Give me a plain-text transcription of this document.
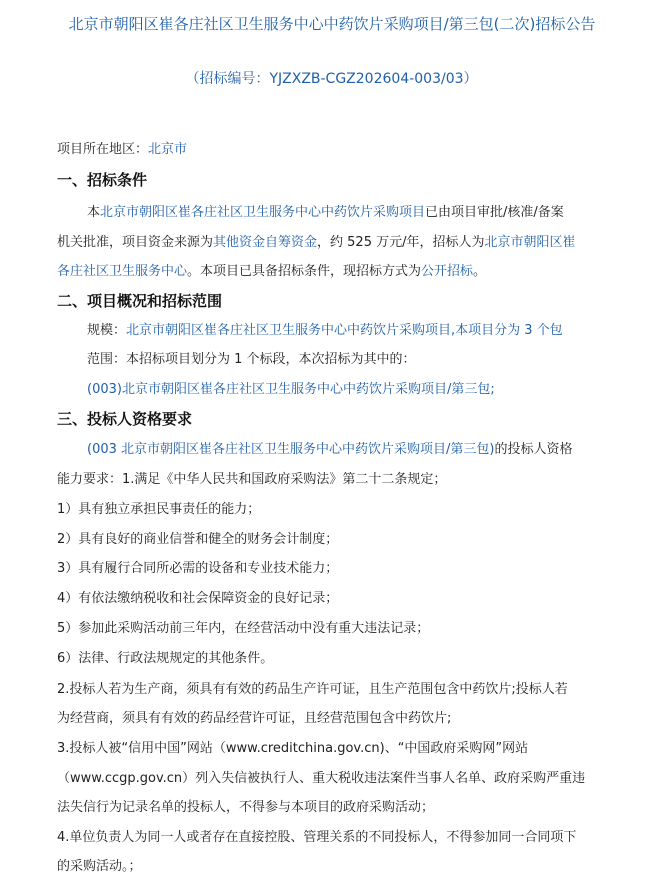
北京市朝阳区崔各庄社区卫生服务中心中药饮片采购项目/第三包(二次)招标公告
（招标编号：YJZXZB-CGZ202604-003/03）
项目所在地区：北京市
一、招标条件
本北京市朝阳区崔各庄社区卫生服务中心中药饮片采购项目已由项目审批/核准/备案
机关批准，项目资金来源为其他资金自筹资金，约 525 万元/年，招标人为北京市朝阳区崔
各庄社区卫生服务中心。本项目已具备招标条件，现招标方式为公开招标。
二、项目概况和招标范围
规模：北京市朝阳区崔各庄社区卫生服务中心中药饮片采购项目,本项目分为 3 个包
范围：本招标项目划分为 1 个标段，本次招标为其中的：
(003)北京市朝阳区崔各庄社区卫生服务中心中药饮片采购项目/第三包;
三、投标人资格要求
(003 北京市朝阳区崔各庄社区卫生服务中心中药饮片采购项目/第三包)的投标人资格
能力要求：1.满足《中华人民共和国政府采购法》第二十二条规定；
1）具有独立承担民事责任的能力；
2）具有良好的商业信誉和健全的财务会计制度；
3）具有履行合同所必需的设备和专业技术能力；
4）有依法缴纳税收和社会保障资金的良好记录；
5）参加此采购活动前三年内，在经营活动中没有重大违法记录；
6）法律、行政法规规定的其他条件。
2.投标人若为生产商，须具有有效的药品生产许可证，且生产范围包含中药饮片;投标人若
为经营商，须具有有效的药品经营许可证，且经营范围包含中药饮片;
3.投标人被“信用中国”网站（www.creditchina.gov.cn)、“中国政府采购网”网站
（www.ccgp.gov.cn）列入失信被执行人、重大税收违法案件当事人名单、政府采购严重违
法失信行为记录名单的投标人，不得参与本项目的政府采购活动；
4.单位负责人为同一人或者存在直接控股、管理关系的不同投标人，不得参加同一合同项下
的采购活动。；
